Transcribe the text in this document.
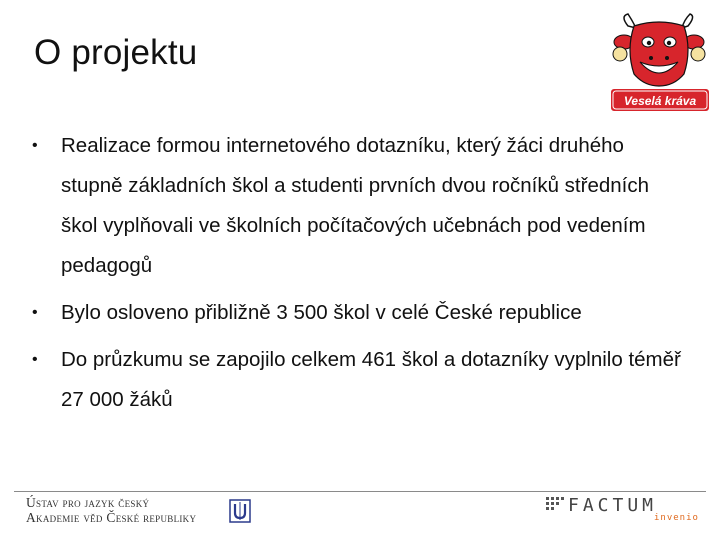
O projektu
Veselá kráva
• Realizace formou internetového dotazníku, který žáci druhého stupně základních škol a studenti prvních dvou ročníků středních škol vyplňovali ve školních počítačových učebnách pod vedením pedagogů
• Bylo osloveno přibližně 3 500 škol v celé České republice
• Do průzkumu se zapojilo celkem 461 škol a dotazníky vyplnilo téměř 27 000 žáků
Ústav pro jazyk český
Akademie věd České republiky
FACTUM
invenio
